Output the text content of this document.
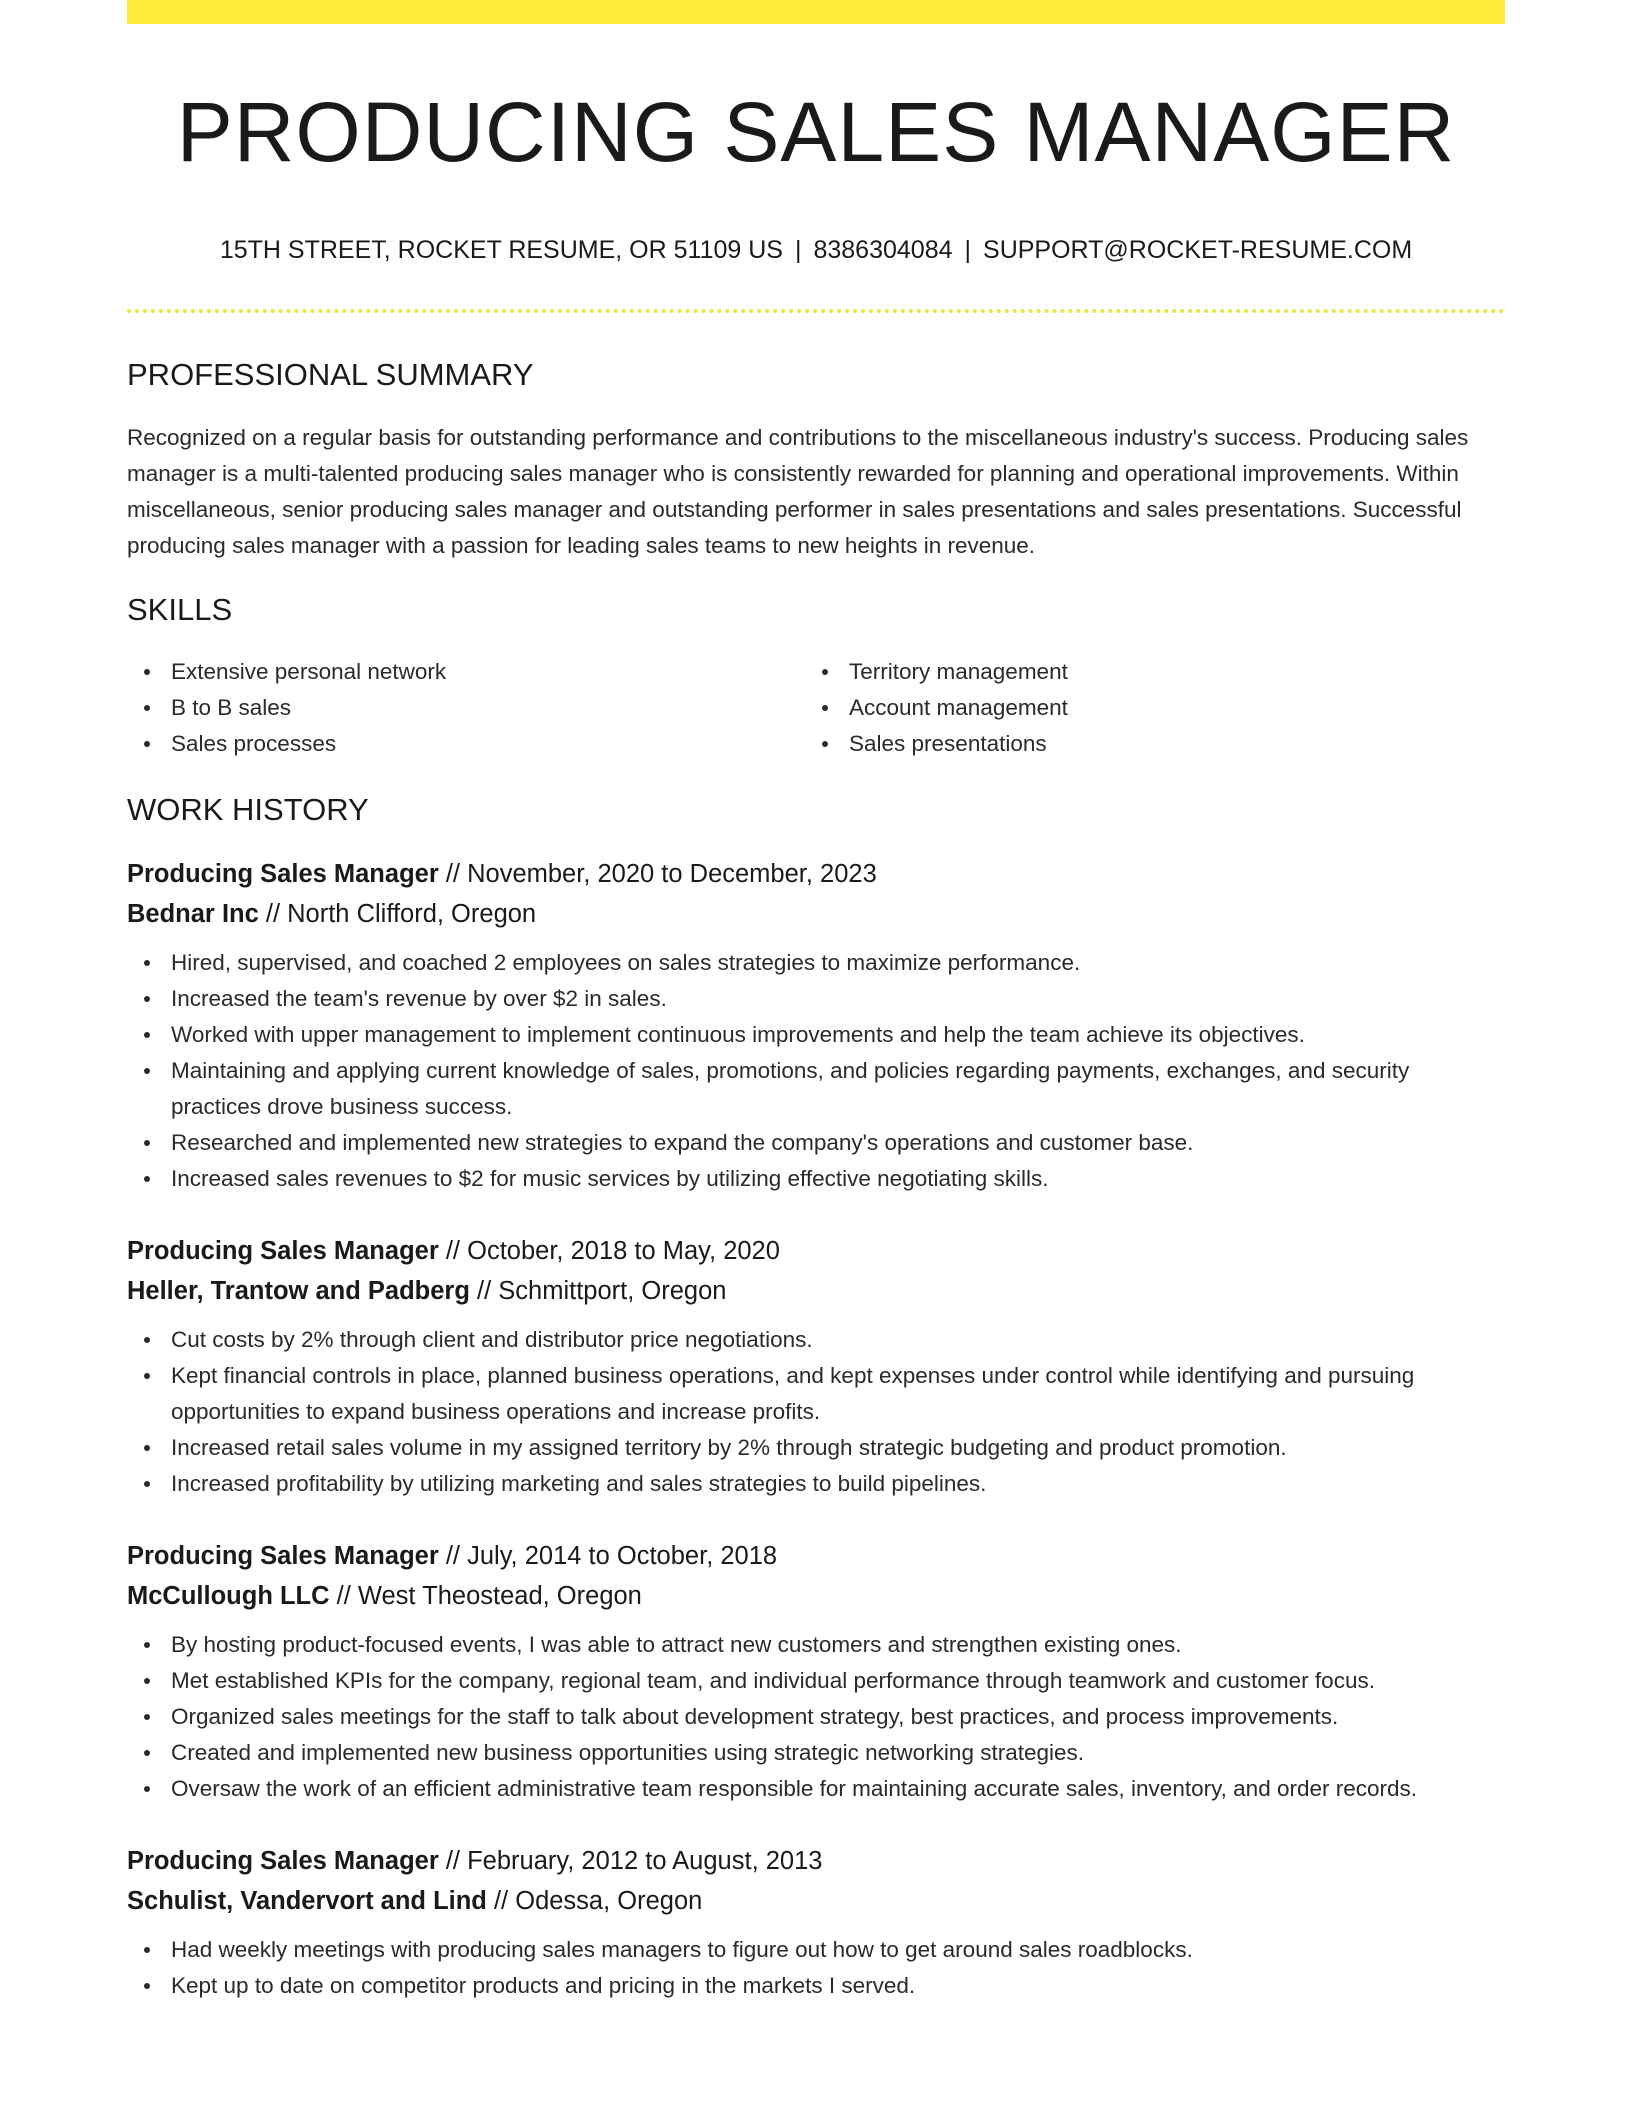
PRODUCING SALES MANAGER
15TH STREET, ROCKET RESUME, OR 51109 US | 8386304084 | SUPPORT@ROCKET-RESUME.COM
PROFESSIONAL SUMMARY
Recognized on a regular basis for outstanding performance and contributions to the miscellaneous industry's success. Producing sales manager is a multi-talented producing sales manager who is consistently rewarded for planning and operational improvements. Within miscellaneous, senior producing sales manager and outstanding performer in sales presentations and sales presentations. Successful producing sales manager with a passion for leading sales teams to new heights in revenue.
SKILLS
Extensive personal network
B to B sales
Sales processes
Territory management
Account management
Sales presentations
WORK HISTORY
Producing Sales Manager // November, 2020 to December, 2023
Bednar Inc // North Clifford, Oregon
Hired, supervised, and coached 2 employees on sales strategies to maximize performance.
Increased the team's revenue by over $2 in sales.
Worked with upper management to implement continuous improvements and help the team achieve its objectives.
Maintaining and applying current knowledge of sales, promotions, and policies regarding payments, exchanges, and security practices drove business success.
Researched and implemented new strategies to expand the company's operations and customer base.
Increased sales revenues to $2 for music services by utilizing effective negotiating skills.
Producing Sales Manager // October, 2018 to May, 2020
Heller, Trantow and Padberg // Schmittport, Oregon
Cut costs by 2% through client and distributor price negotiations.
Kept financial controls in place, planned business operations, and kept expenses under control while identifying and pursuing opportunities to expand business operations and increase profits.
Increased retail sales volume in my assigned territory by 2% through strategic budgeting and product promotion.
Increased profitability by utilizing marketing and sales strategies to build pipelines.
Producing Sales Manager // July, 2014 to October, 2018
McCullough LLC // West Theostead, Oregon
By hosting product-focused events, I was able to attract new customers and strengthen existing ones.
Met established KPIs for the company, regional team, and individual performance through teamwork and customer focus.
Organized sales meetings for the staff to talk about development strategy, best practices, and process improvements.
Created and implemented new business opportunities using strategic networking strategies.
Oversaw the work of an efficient administrative team responsible for maintaining accurate sales, inventory, and order records.
Producing Sales Manager // February, 2012 to August, 2013
Schulist, Vandervort and Lind // Odessa, Oregon
Had weekly meetings with producing sales managers to figure out how to get around sales roadblocks.
Kept up to date on competitor products and pricing in the markets I served.
